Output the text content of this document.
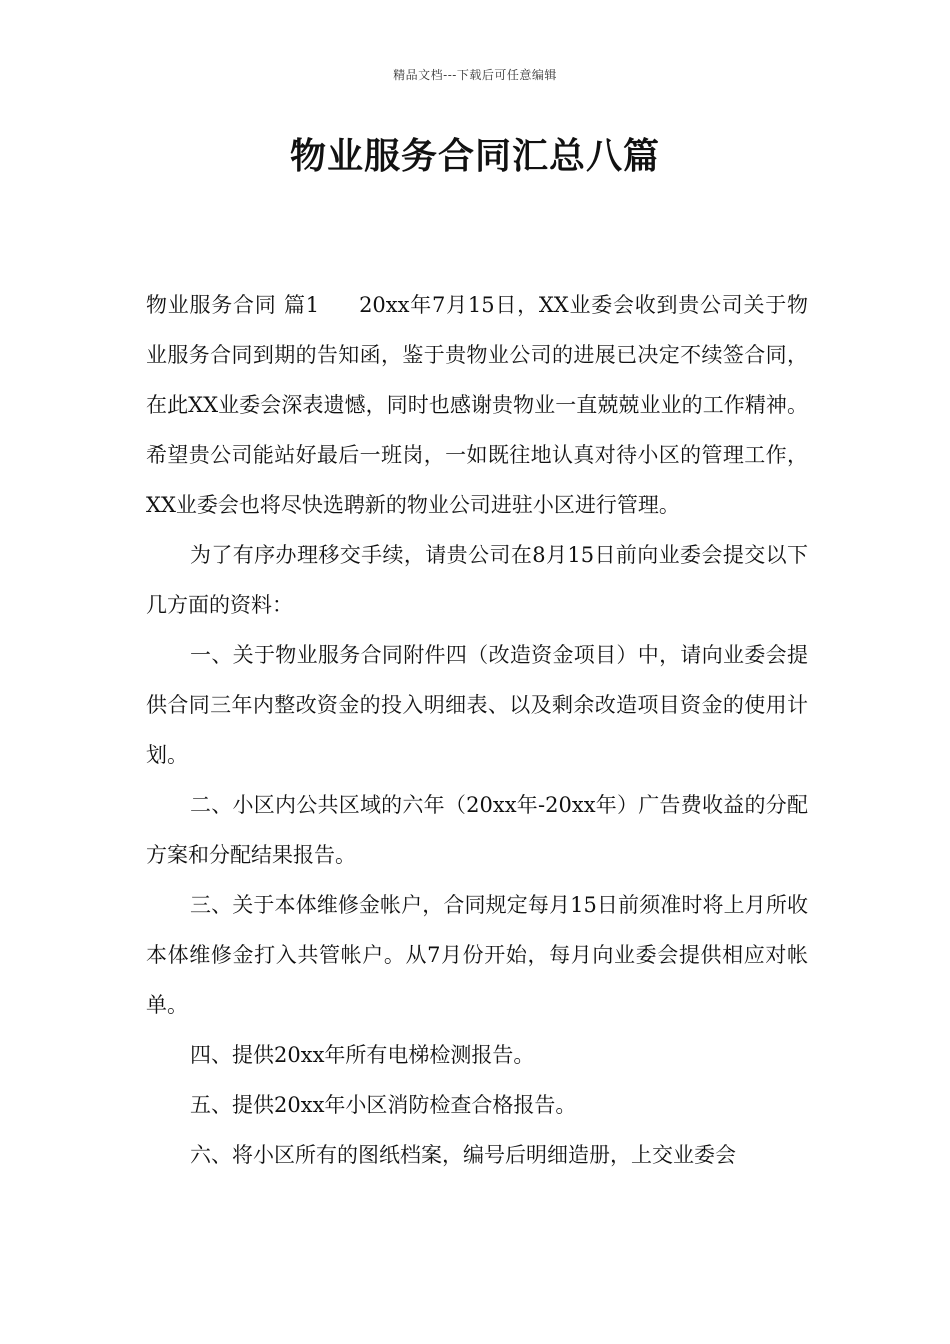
精品文档---下载后可任意编辑
物业服务合同汇总八篇

物业服务合同 篇1 20xx年7月15日，XX业委会收到贵公司关于物业服务合同到期的告知函，鉴于贵物业公司的进展已决定不续签合同，在此XX业委会深表遗憾，同时也感谢贵物业一直兢兢业业的工作精神。希望贵公司能站好最后一班岗，一如既往地认真对待小区的管理工作，XX业委会也将尽快选聘新的物业公司进驻小区进行管理。

为了有序办理移交手续，请贵公司在8月15日前向业委会提交以下几方面的资料：

一、关于物业服务合同附件四（改造资金项目）中，请向业委会提供合同三年内整改资金的投入明细表、以及剩余改造项目资金的使用计划。

二、小区内公共区域的六年（20xx年-20xx年）广告费收益的分配方案和分配结果报告。

三、关于本体维修金帐户，合同规定每月15日前须准时将上月所收本体维修金打入共管帐户。从7月份开始，每月向业委会提供相应对帐单。

四、提供20xx年所有电梯检测报告。

五、提供20xx年小区消防检查合格报告。

六、将小区所有的图纸档案，编号后明细造册，上交业委会
